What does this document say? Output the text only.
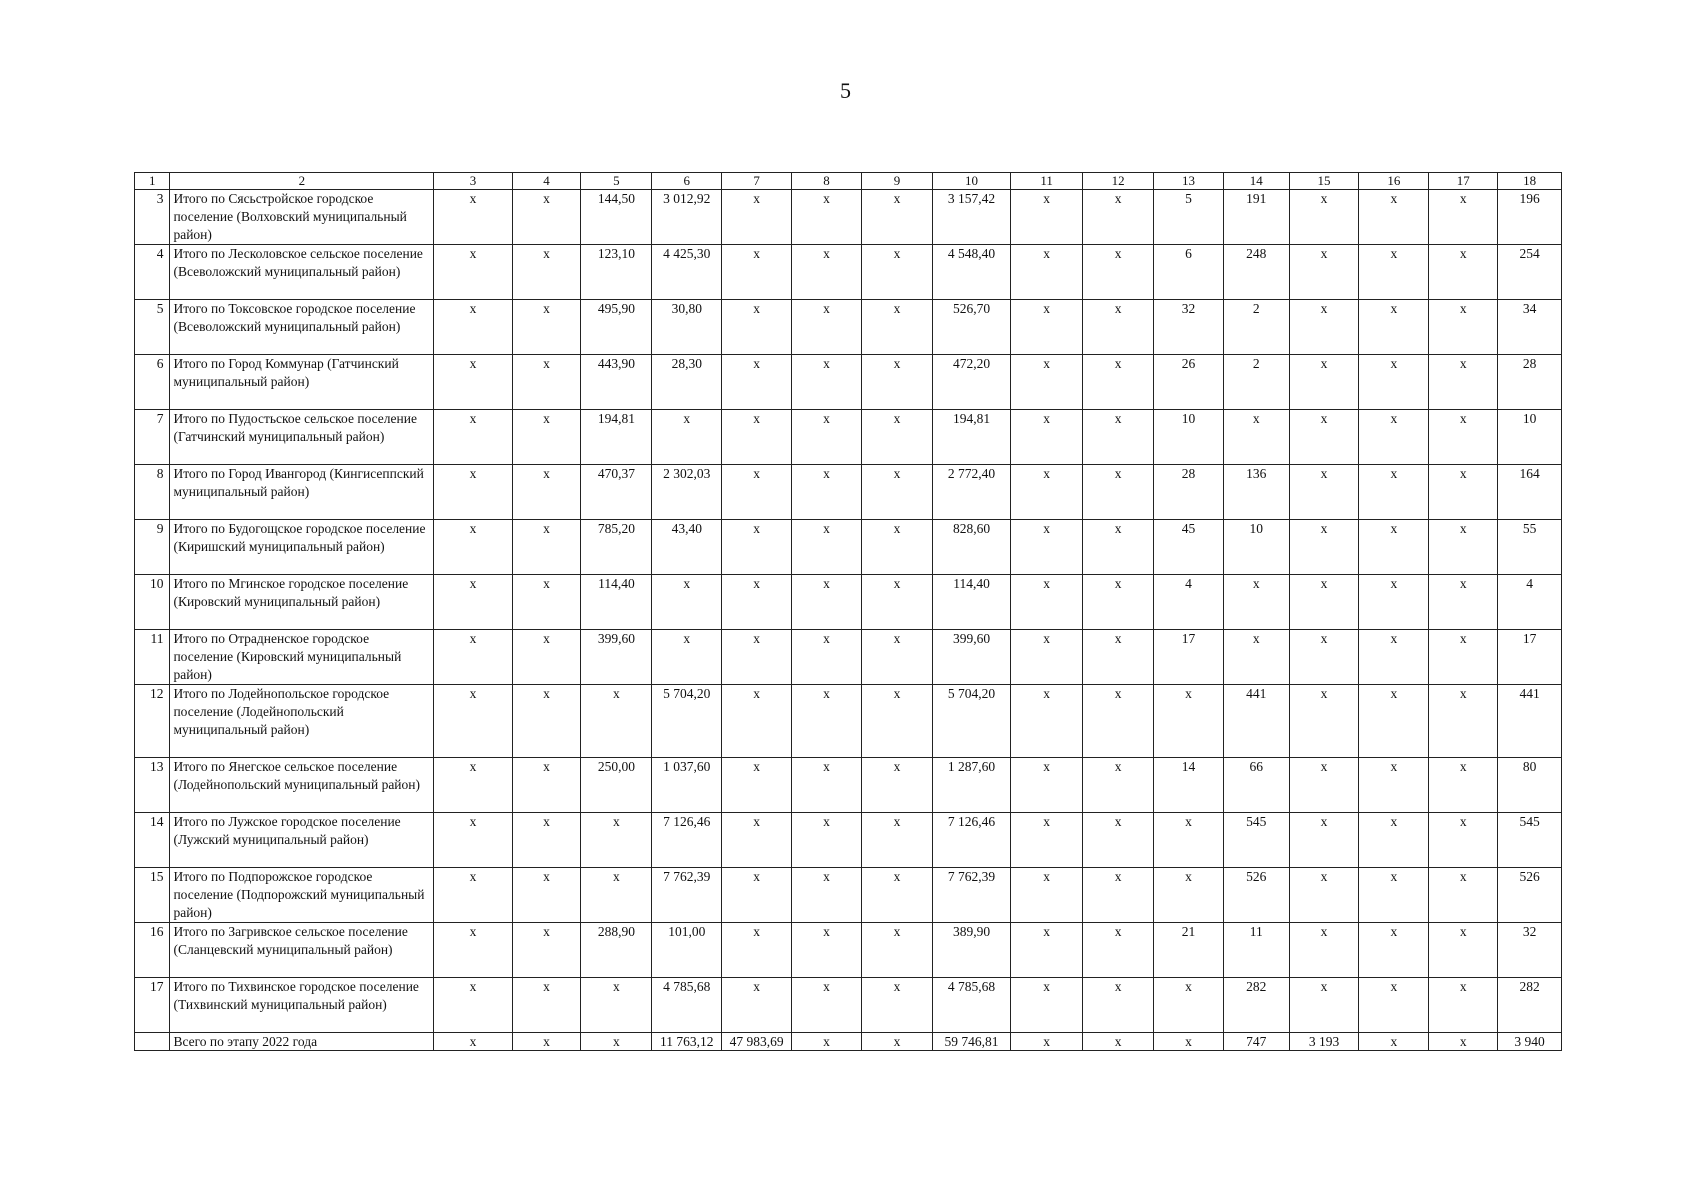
5
1	2	3	4	5	6	7	8	9	10	11	12	13	14	15	16	17	18
3	Итого по Сясьстройское городское поселение (Волховский муниципальный район)	x	x	144,50	3 012,92	x	x	x	3 157,42	x	x	5	191	x	x	x	196
4	Итого по Лесколовское сельское поселение (Всеволожский муниципальный район)	x	x	123,10	4 425,30	x	x	x	4 548,40	x	x	6	248	x	x	x	254
5	Итого по Токсовское городское поселение (Всеволожский муниципальный район)	x	x	495,90	30,80	x	x	x	526,70	x	x	32	2	x	x	x	34
6	Итого по Город Коммунар (Гатчинский муниципальный район)	x	x	443,90	28,30	x	x	x	472,20	x	x	26	2	x	x	x	28
7	Итого по Пудостьское сельское поселение (Гатчинский муниципальный район)	x	x	194,81	x	x	x	x	194,81	x	x	10	x	x	x	x	10
8	Итого по Город Ивангород (Кингисеппский муниципальный район)	x	x	470,37	2 302,03	x	x	x	2 772,40	x	x	28	136	x	x	x	164
9	Итого по Будогощское городское поселение (Киришский муниципальный район)	x	x	785,20	43,40	x	x	x	828,60	x	x	45	10	x	x	x	55
10	Итого по Мгинское городское поселение (Кировский муниципальный район)	x	x	114,40	x	x	x	x	114,40	x	x	4	x	x	x	x	4
11	Итого по Отрадненское городское поселение (Кировский муниципальный район)	x	x	399,60	x	x	x	x	399,60	x	x	17	x	x	x	x	17
12	Итого по Лодейнопольское городское поселение (Лодейнопольский муниципальный район)	x	x	x	5 704,20	x	x	x	5 704,20	x	x	x	441	x	x	x	441
13	Итого по Янегское сельское поселение (Лодейнопольский муниципальный район)	x	x	250,00	1 037,60	x	x	x	1 287,60	x	x	14	66	x	x	x	80
14	Итого по Лужское городское поселение (Лужский муниципальный район)	x	x	x	7 126,46	x	x	x	7 126,46	x	x	x	545	x	x	x	545
15	Итого по Подпорожское городское поселение (Подпорожский муниципальный район)	x	x	x	7 762,39	x	x	x	7 762,39	x	x	x	526	x	x	x	526
16	Итого по Загривское сельское поселение (Сланцевский муниципальный район)	x	x	288,90	101,00	x	x	x	389,90	x	x	21	11	x	x	x	32
17	Итого по Тихвинское городское поселение (Тихвинский муниципальный район)	x	x	x	4 785,68	x	x	x	4 785,68	x	x	x	282	x	x	x	282
	Всего по этапу 2022 года	x	x	x	11 763,12	47 983,69	x	x	59 746,81	x	x	x	747	3 193	x	x	3 940
